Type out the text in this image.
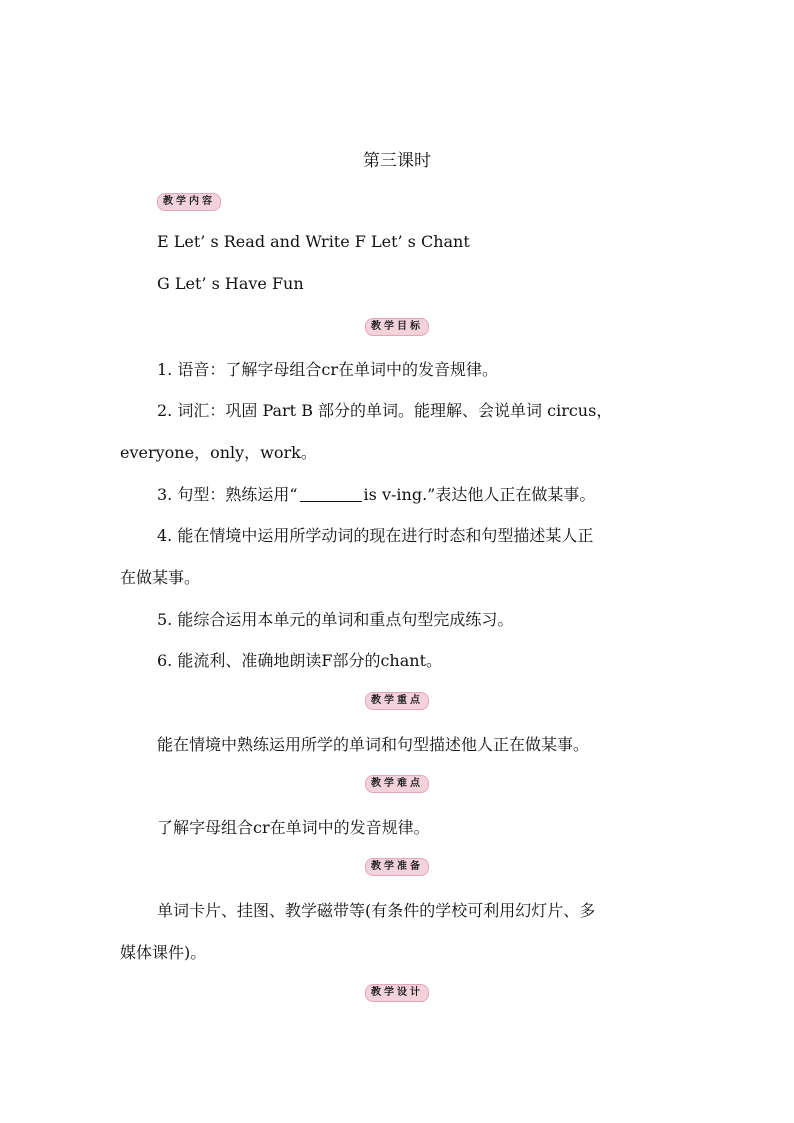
第三课时
教学内容
E Let’ s Read and Write F Let’ s Chant
G Let’ s Have Fun
教学目标
1. 语音：了解字母组合cr在单词中的发音规律。
2. 词汇：巩固 Part B 部分的单词。能理解、会说单词 circus，
everyone，only，work。
3. 句型：熟练运用“	is v-ing.”表达他人正在做某事。
4. 能在情境中运用所学动词的现在进行时态和句型描述某人正
在做某事。
5. 能综合运用本单元的单词和重点句型完成练习。
6. 能流利、准确地朗读F部分的chant。
教学重点
能在情境中熟练运用所学的单词和句型描述他人正在做某事。
教学难点
了解字母组合cr在单词中的发音规律。
教学准备
单词卡片、挂图、教学磁带等(有条件的学校可利用幻灯片、多
媒体课件)。
教学设计
